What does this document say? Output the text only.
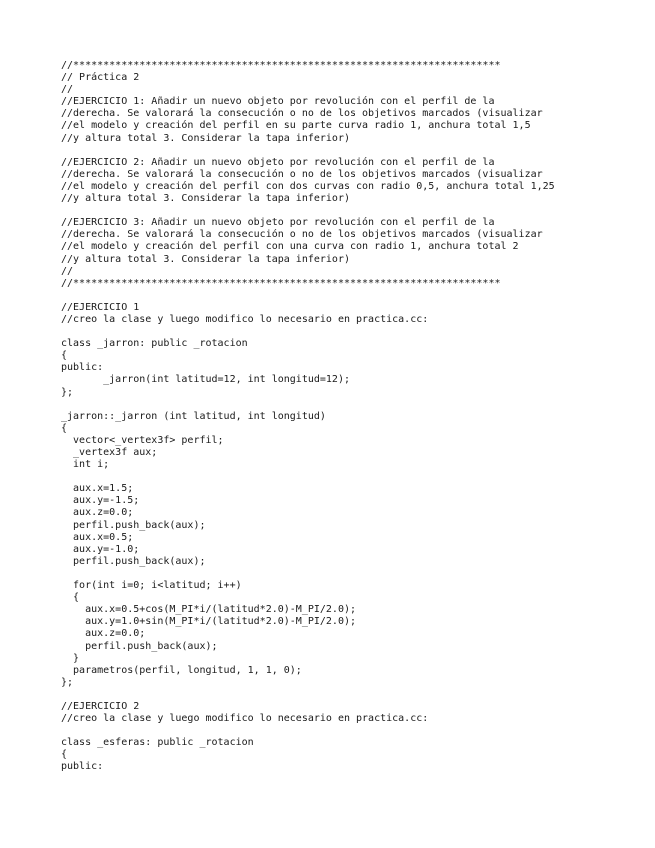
//***********************************************************************
// Práctica 2
//
//EJERCICIO 1: Añadir un nuevo objeto por revolución con el perfil de la
//derecha. Se valorará la consecución o no de los objetivos marcados (visualizar
//el modelo y creación del perfil en su parte curva radio 1, anchura total 1,5
//y altura total 3. Considerar la tapa inferior)
//EJERCICIO 2: Añadir un nuevo objeto por revolución con el perfil de la
//derecha. Se valorará la consecución o no de los objetivos marcados (visualizar
//el modelo y creación del perfil con dos curvas con radio 0,5, anchura total 1,25
//y altura total 3. Considerar la tapa inferior)
//EJERCICIO 3: Añadir un nuevo objeto por revolución con el perfil de la
//derecha. Se valorará la consecución o no de los objetivos marcados (visualizar
//el modelo y creación del perfil con una curva con radio 1, anchura total 2
//y altura total 3. Considerar la tapa inferior)
//
//***********************************************************************
//EJERCICIO 1
//creo la clase y luego modifico lo necesario en practica.cc:
class _jarron: public _rotacion
{
public:
_jarron(int latitud=12, int longitud=12);
};
_jarron::_jarron (int latitud, int longitud)
{
vector<_vertex3f> perfil;
_vertex3f aux;
int i;
aux.x=1.5;
aux.y=-1.5;
aux.z=0.0;
perfil.push_back(aux);
aux.x=0.5;
aux.y=-1.0;
perfil.push_back(aux);
for(int i=0; i<latitud; i++)
{
aux.x=0.5+cos(M_PI*i/(latitud*2.0)-M_PI/2.0);
aux.y=1.0+sin(M_PI*i/(latitud*2.0)-M_PI/2.0);
aux.z=0.0;
perfil.push_back(aux);
}
parametros(perfil, longitud, 1, 1, 0);
};
//EJERCICIO 2
//creo la clase y luego modifico lo necesario en practica.cc:
class _esferas: public _rotacion
{
public:
